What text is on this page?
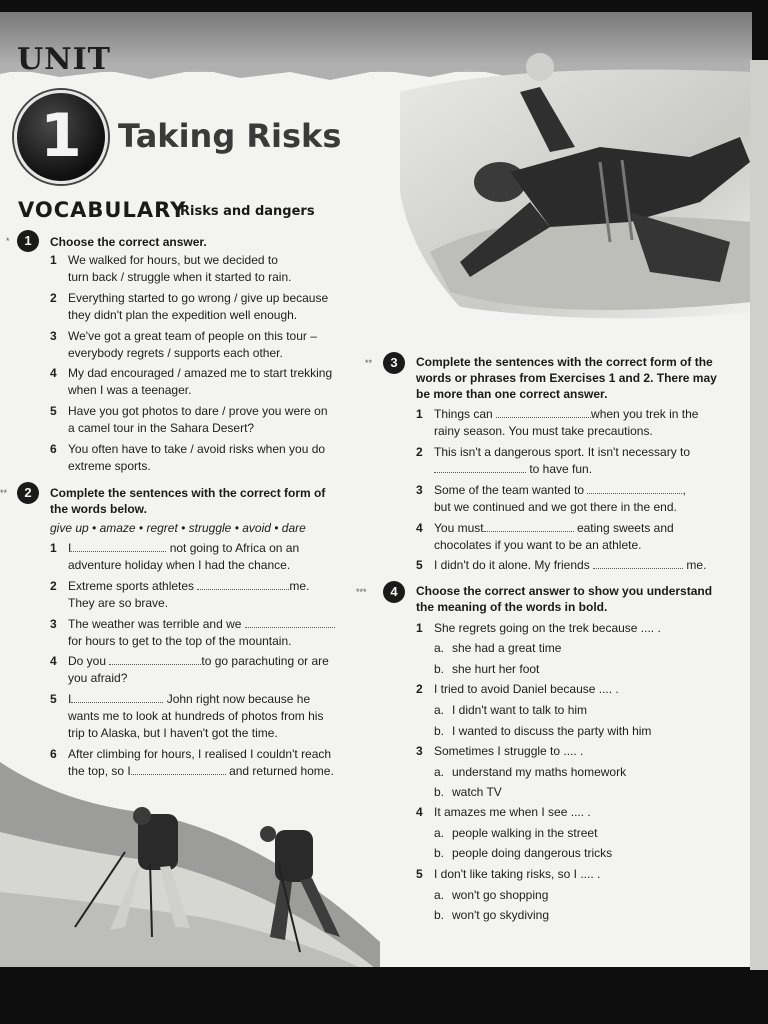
UNIT
1	Taking Risks
VOCABULARY
Risks and dangers
*	1	Choose the correct answer.
1 We walked for hours, but we decided to
turn back / struggle when it started to rain.
2 Everything started to go wrong / give up because
they didn't plan the expedition well enough.
3 We've got a great team of people on this tour –
everybody regrets / supports each other.
4 My dad encouraged / amazed me to start trekking
when I was a teenager.
5 Have you got photos to dare / prove you were on
a camel tour in the Sahara Desert?
6 You often have to take / avoid risks when you do
extreme sports.
**	2	Complete the sentences with the correct form of
the words below.
give up • amaze • regret • struggle • avoid • dare
1 I	not going to Africa on an
adventure holiday when I had the chance.
2 Extreme sports athletes	me.
They are so brave.
3 The weather was terrible and we
for hours to get to the top of the mountain.
4 Do you	to go parachuting or are
you afraid?
5 I	John right now because he
wants me to look at hundreds of photos from his
trip to Alaska, but I haven't got the time.
6 After climbing for hours, I realised I couldn't reach
the top, so I	and returned home.
**	3	Complete the sentences with the correct form of the
words or phrases from Exercises 1 and 2. There may
be more than one correct answer.
1 Things can	when you trek in the
rainy season. You must take precautions.
2 This isn't a dangerous sport. It isn't necessary to
to have fun.
3 Some of the team wanted to	,
but we continued and we got there in the end.
4 You must	eating sweets and
chocolates if you want to be an athlete.
5 I didn't do it alone. My friends	me.
***	4	Choose the correct answer to show you understand
the meaning of the words in bold.
She regrets going on the trek because .... .
1
a. she had a great time
b. she hurt her foot
I tried to avoid Daniel because .... .
2
a. I didn't want to talk to him
b. I wanted to discuss the party with him
Sometimes I struggle to .... .
3
a. understand my maths homework
b. watch TV
It amazes me when I see .... .
4
a. people walking in the street
b. people doing dangerous tricks
I don't like taking risks, so I .... .
5
a. won't go shopping
b. won't go skydiving
